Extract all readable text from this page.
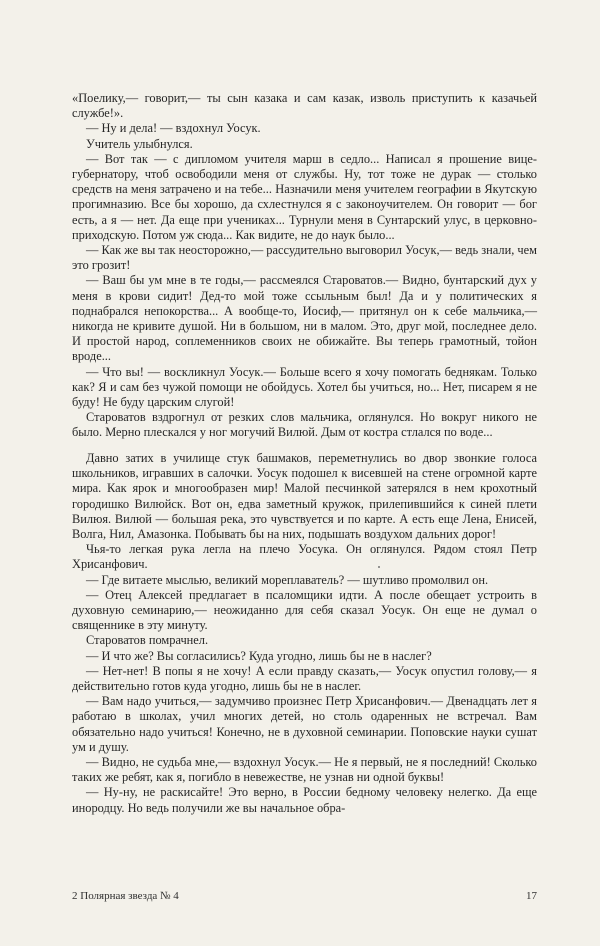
«Поелику,— говорит,— ты сын казака и сам казак, изволь приступить к казачьей службе!».

— Ну и дела! — вздохнул Уосук.

Учитель улыбнулся.

— Вот так — с дипломом учителя марш в седло... Написал я прошение вице-губернатору, чтоб освободили меня от службы. Ну, тот тоже не дурак — столько средств на меня затрачено и на тебе... Назначили меня учителем географии в Якутскую прогимназию. Все бы хорошо, да схлестнулся я с законоучителем. Он говорит — бог есть, а я — нет. Да еще при учениках... Турнули меня в Сунтарский улус, в церковно-приходскую. Потом уж сюда... Как видите, не до наук было...

— Как же вы так неосторожно,— рассудительно выговорил Уосук,— ведь знали, чем это грозит!

— Ваш бы ум мне в те годы,— рассмеялся Староватов.— Видно, бунтарский дух у меня в крови сидит! Дед-то мой тоже ссыльным был! Да и у политических я поднабрался непокорства... А вообще-то, Иосиф,— притянул он к себе мальчика,— никогда не кривите душой. Ни в большом, ни в малом. Это, друг мой, последнее дело. И простой народ, соплеменников своих не обижайте. Вы теперь грамотный, тойон вроде...

— Что вы! — воскликнул Уосук.— Больше всего я хочу помогать беднякам. Только как? Я и сам без чужой помощи не обойдусь. Хотел бы учиться, но... Нет, писарем я не буду! Не буду царским слугой!

Староватов вздрогнул от резких слов мальчика, оглянулся. Но вокруг никого не было. Мерно плескался у ног могучий Вилюй. Дым от костра стлался по воде...

Давно затих в училище стук башмаков, переметнулись во двор звонкие голоса школьников, игравших в салочки. Уосук подошел к висевшей на стене огромной карте мира. Как ярок и многообразен мир! Малой песчинкой затерялся в нем крохотный городишко Вилюйск. Вот он, едва заметный кружок, прилепившийся к синей плети Вилюя. Вилюй — большая река, это чувствуется и по карте. А есть еще Лена, Енисей, Волга, Нил, Амазонка. Побывать бы на них, подышать воздухом дальних дорог!

Чья-то легкая рука легла на плечо Уосука. Он оглянулся. Рядом стоял Петр Хрисанфович.

— Где витаете мыслью, великий мореплаватель? — шутливо промолвил он.

— Отец Алексей предлагает в псаломщики идти. А после обещает устроить в духовную семинарию,— неожиданно для себя сказал Уосук. Он еще не думал о священнике в эту минуту.

Староватов помрачнел.

— И что же? Вы согласились? Куда угодно, лишь бы не в наслег?

— Нет-нет! В попы я не хочу! А если правду сказать,— Уосук опустил голову,— я действительно готов куда угодно, лишь бы не в наслег.

— Вам надо учиться,— задумчиво произнес Петр Хрисанфович.— Двенадцать лет я работаю в школах, учил многих детей, но столь одаренных не встречал. Вам обязательно надо учиться! Конечно, не в духовной семинарии. Поповские науки сушат ум и душу.

— Видно, не судьба мне,— вздохнул Уосук.— Не я первый, не я последний! Сколько таких же ребят, как я, погибло в невежестве, не узнав ни одной буквы!

— Ну-ну, не раскисайте! Это верно, в России бедному человеку нелегко. Да еще инородцу. Но ведь получили же вы начальное обра-

2 Полярная звезда № 4	17
